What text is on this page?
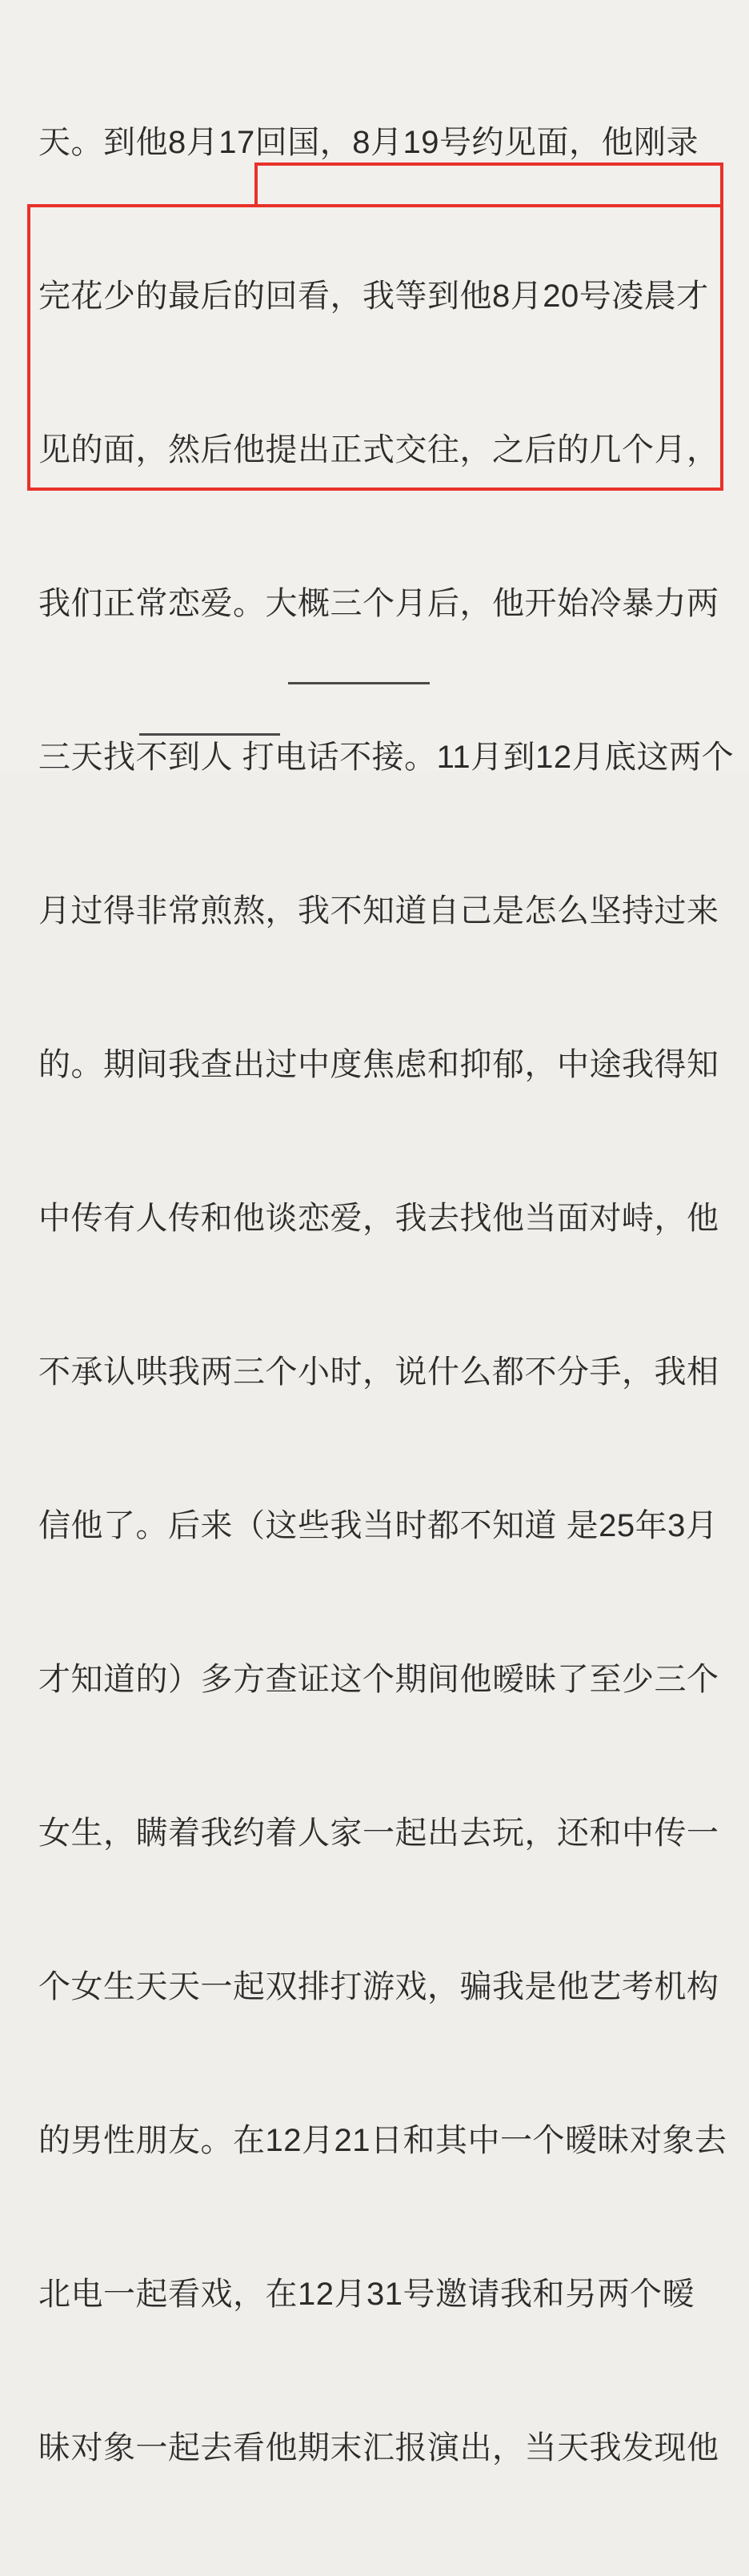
天。到他8月17回国，8月19号约见面，他刚录

完花少的最后的回看，我等到他8月20号凌晨才

见的面，然后他提出正式交往，之后的几个月，

我们正常恋爱。大概三个月后，他开始冷暴力两

三天找不到人 打电话不接。11月到12月底这两个

月过得非常煎熬，我不知道自己是怎么坚持过来

的。期间我查出过中度焦虑和抑郁，中途我得知

中传有人传和他谈恋爱，我去找他当面对峙，他

不承认哄我两三个小时，说什么都不分手，我相

信他了。后来（这些我当时都不知道 是25年3月

才知道的）多方查证这个期间他暧昧了至少三个

女生，瞒着我约着人家一起出去玩，还和中传一

个女生天天一起双排打游戏，骗我是他艺考机构

的男性朋友。在12月21日和其中一个暧昧对象去

北电一起看戏，在12月31号邀请我和另两个暧

昧对象一起去看他期末汇报演出，当天我发现他
